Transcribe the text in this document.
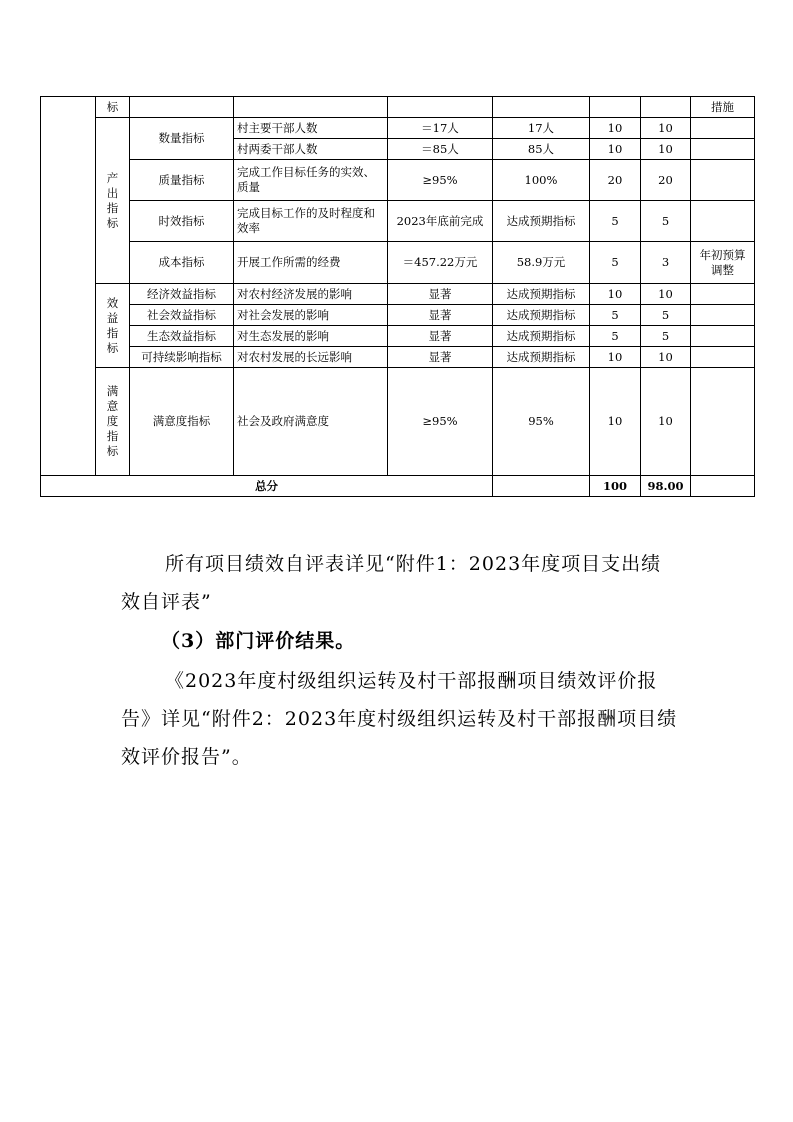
	标							措施
	产出指标	数量指标	村主要干部人数	＝17人	17人	10	10	
			村两委干部人数	＝85人	85人	10	10	
		质量指标	完成工作目标任务的实效、质量	≥95%	100%	20	20	
		时效指标	完成目标工作的及时程度和效率	2023年底前完成	达成预期指标	5	5	
		成本指标	开展工作所需的经费	＝457.22万元	58.9万元	5	3	年初预算调整
	效益指标	经济效益指标	对农村经济发展的影响	显著	达成预期指标	10	10	
		社会效益指标	对社会发展的影响	显著	达成预期指标	5	5	
		生态效益指标	对生态发展的影响	显著	达成预期指标	5	5	
		可持续影响指标	对农村发展的长远影响	显著	达成预期指标	10	10	
	满意度指标	满意度指标	社会及政府满意度	≥95%	95%	10	10	
总分						100	98.00	
所有项目绩效自评表详见“附件1：2023年度项目支出绩效自评表”
（3）部门评价结果。
《2023年度村级组织运转及村干部报酬项目绩效评价报告》详见“附件2：2023年度村级组织运转及村干部报酬项目绩效评价报告”。
